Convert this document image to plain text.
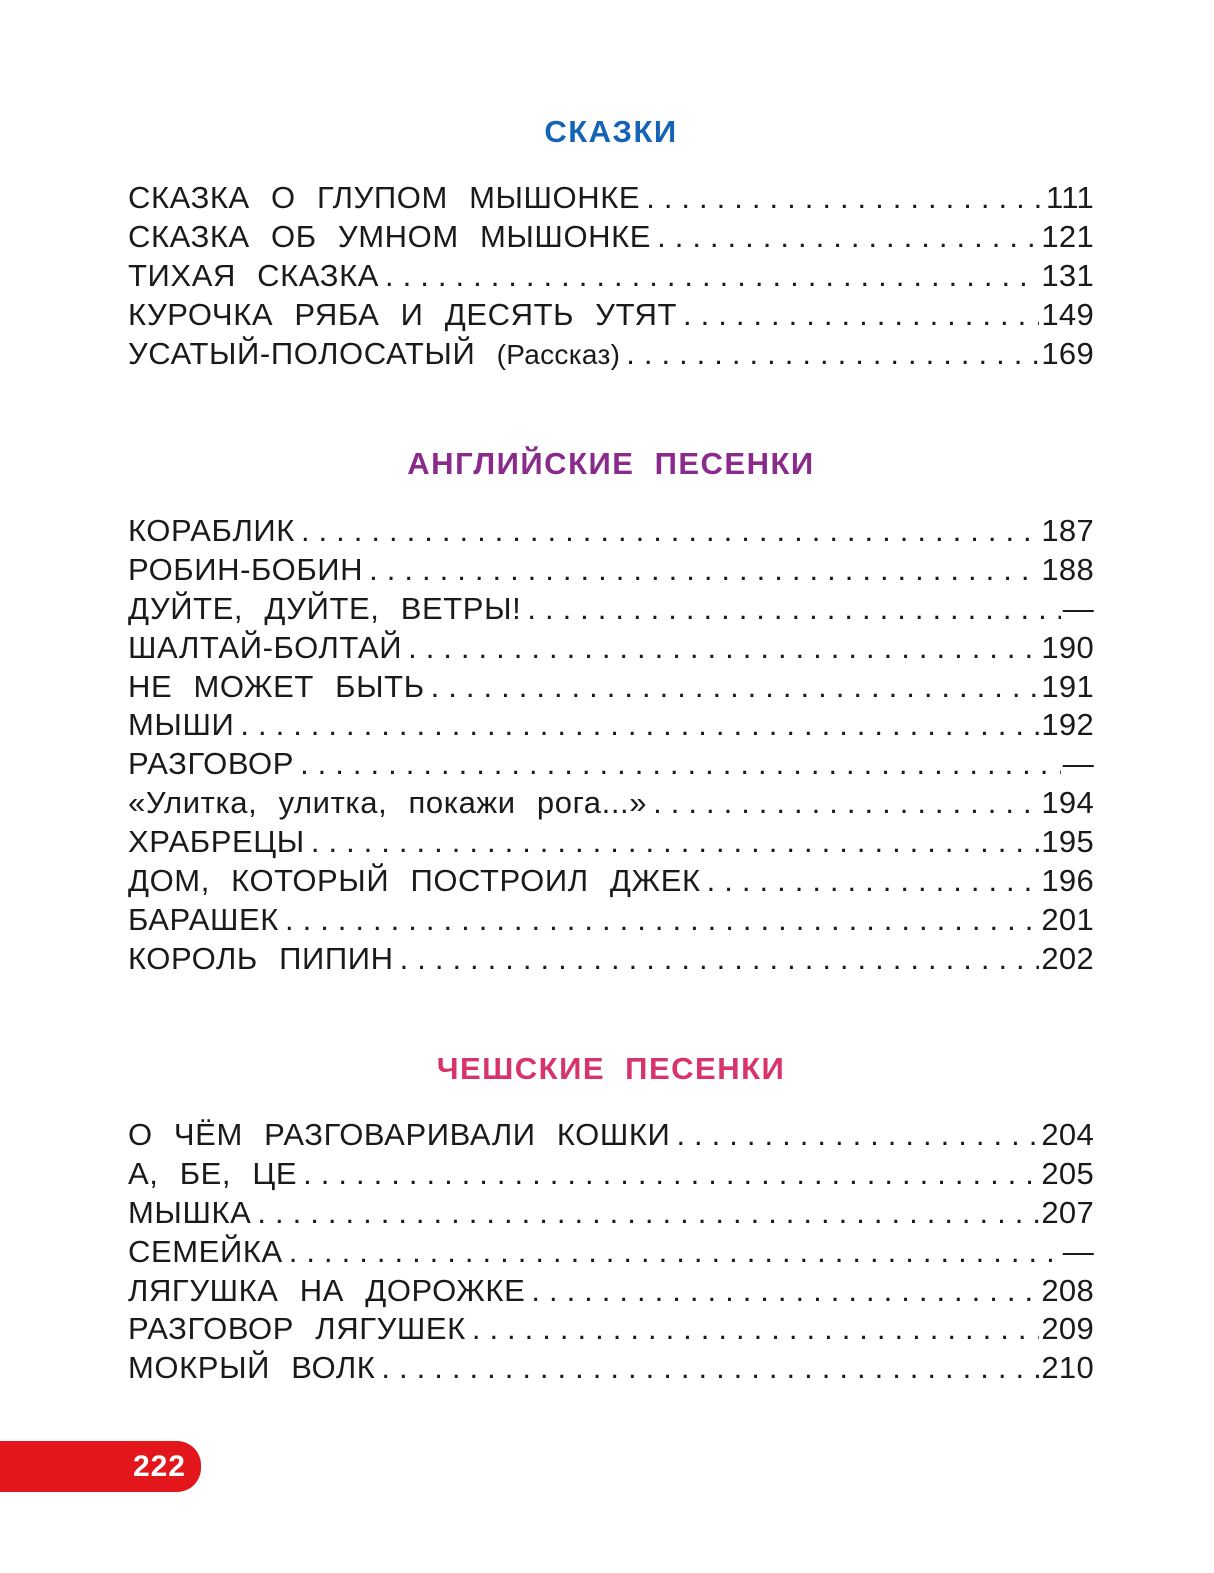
СКАЗКИ
СКАЗКА О ГЛУПОМ МЫШОНКЕ .....	111
СКАЗКА ОБ УМНОМ МЫШОНКЕ .....	121
ТИХАЯ СКАЗКА .....	131
КУРОЧКА РЯБА И ДЕСЯТЬ УТЯТ .....	149
УСАТЫЙ-ПОЛОСАТЫЙ (Рассказ) .....	169
АНГЛИЙСКИЕ ПЕСЕНКИ
КОРАБЛИК .....	187
РОБИН-БОБИН .....	188
ДУЙТЕ, ДУЙТЕ, ВЕТРЫ! .....	—
ШАЛТАЙ-БОЛТАЙ .....	190
НЕ МОЖЕТ БЫТЬ .....	191
МЫШИ .....	192
РАЗГОВОР .....	—
«Улитка, улитка, покажи рога...» .....	194
ХРАБРЕЦЫ .....	195
ДОМ, КОТОРЫЙ ПОСТРОИЛ ДЖЕК .....	196
БАРАШЕК .....	201
КОРОЛЬ ПИПИН .....	202
ЧЕШСКИЕ ПЕСЕНКИ
О ЧЁМ РАЗГОВАРИВАЛИ КОШКИ .....	204
А, БЕ, ЦЕ .....	205
МЫШКА .....	207
СЕМЕЙКА .....	—
ЛЯГУШКА НА ДОРОЖКЕ .....	208
РАЗГОВОР ЛЯГУШЕК .....	209
МОКРЫЙ ВОЛК .....	210
222
